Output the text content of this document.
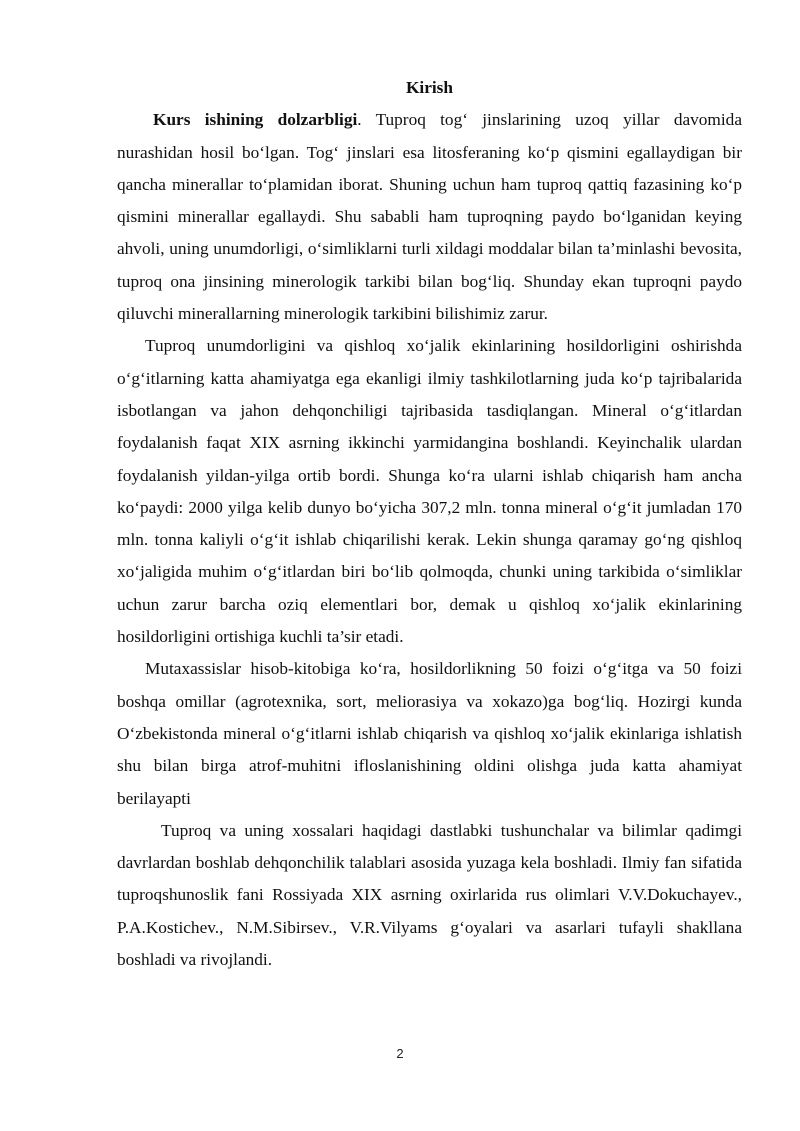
Kirish

Kurs ishining dolzarbligi. Tuproq tog‘ jinslarining uzoq yillar davomida nurashidan hosil bo‘lgan. Tog‘ jinslari esa litosferaning ko‘p qismini egallaydigan bir qancha minerallar to‘plamidan iborat. Shuning uchun ham tuproq qattiq fazasining ko‘p qismini minerallar egallaydi. Shu sababli ham tuproqning paydo bo‘lganidan keying ahvoli, uning unumdorligi, o‘simliklarni turli xildagi moddalar bilan ta’minlashi bevosita, tuproq ona jinsining minerologik tarkibi bilan bog‘liq. Shunday ekan tuproqni paydo qiluvchi minerallarning minerologik tarkibini bilishimiz zarur.

Tuproq unumdorligini va qishloq xo‘jalik ekinlarining hosildorligini oshirishda o‘g‘itlarning katta ahamiyatga ega ekanligi ilmiy tashkilotlarning juda ko‘p tajribalarida isbotlangan va jahon dehqonchiligi tajribasida tasdiqlangan. Mineral o‘g‘itlardan foydalanish faqat XIX asrning ikkinchi yarmidangina boshlandi. Keyinchalik ulardan foydalanish yildan-yilga ortib bordi. Shunga ko‘ra ularni ishlab chiqarish ham ancha ko‘paydi: 2000 yilga kelib dunyo bo‘yicha 307,2 mln. tonna mineral o‘g‘it jumladan 170 mln. tonna kaliyli o‘g‘it ishlab chiqarilishi kerak. Lekin shunga qaramay go‘ng qishloq xo‘jaligida muhim o‘g‘itlardan biri bo‘lib qolmoqda, chunki uning tarkibida o‘simliklar uchun zarur barcha oziq elementlari bor, demak u qishloq xo‘jalik ekinlarining hosildorligini ortishiga kuchli ta’sir etadi.

Mutaxassislar hisob-kitobiga ko‘ra, hosildorlikning 50 foizi o‘g‘itga va 50 foizi boshqa omillar (agrotexnika, sort, meliorasiya va xokazo)ga bog‘liq. Hozirgi kunda O‘zbekistonda mineral o‘g‘itlarni ishlab chiqarish va qishloq xo‘jalik ekinlariga ishlatish shu bilan birga atrof-muhitni ifloslanishining oldini olishga juda katta ahamiyat berilayapti

Tuproq va uning xossalari haqidagi dastlabki tushunchalar va bilimlar qadimgi davrlardan boshlab dehqonchilik talablari asosida yuzaga kela boshladi. Ilmiy fan sifatida tuproqshunoslik fani Rossiyada XIX asrning oxirlarida rus olimlari V.V.Dokuchayev., P.A.Kostichev., N.M.Sibirsev., V.R.Vilyams g‘oyalari va asarlari tufayli shakllana boshladi va rivojlandi.

2
